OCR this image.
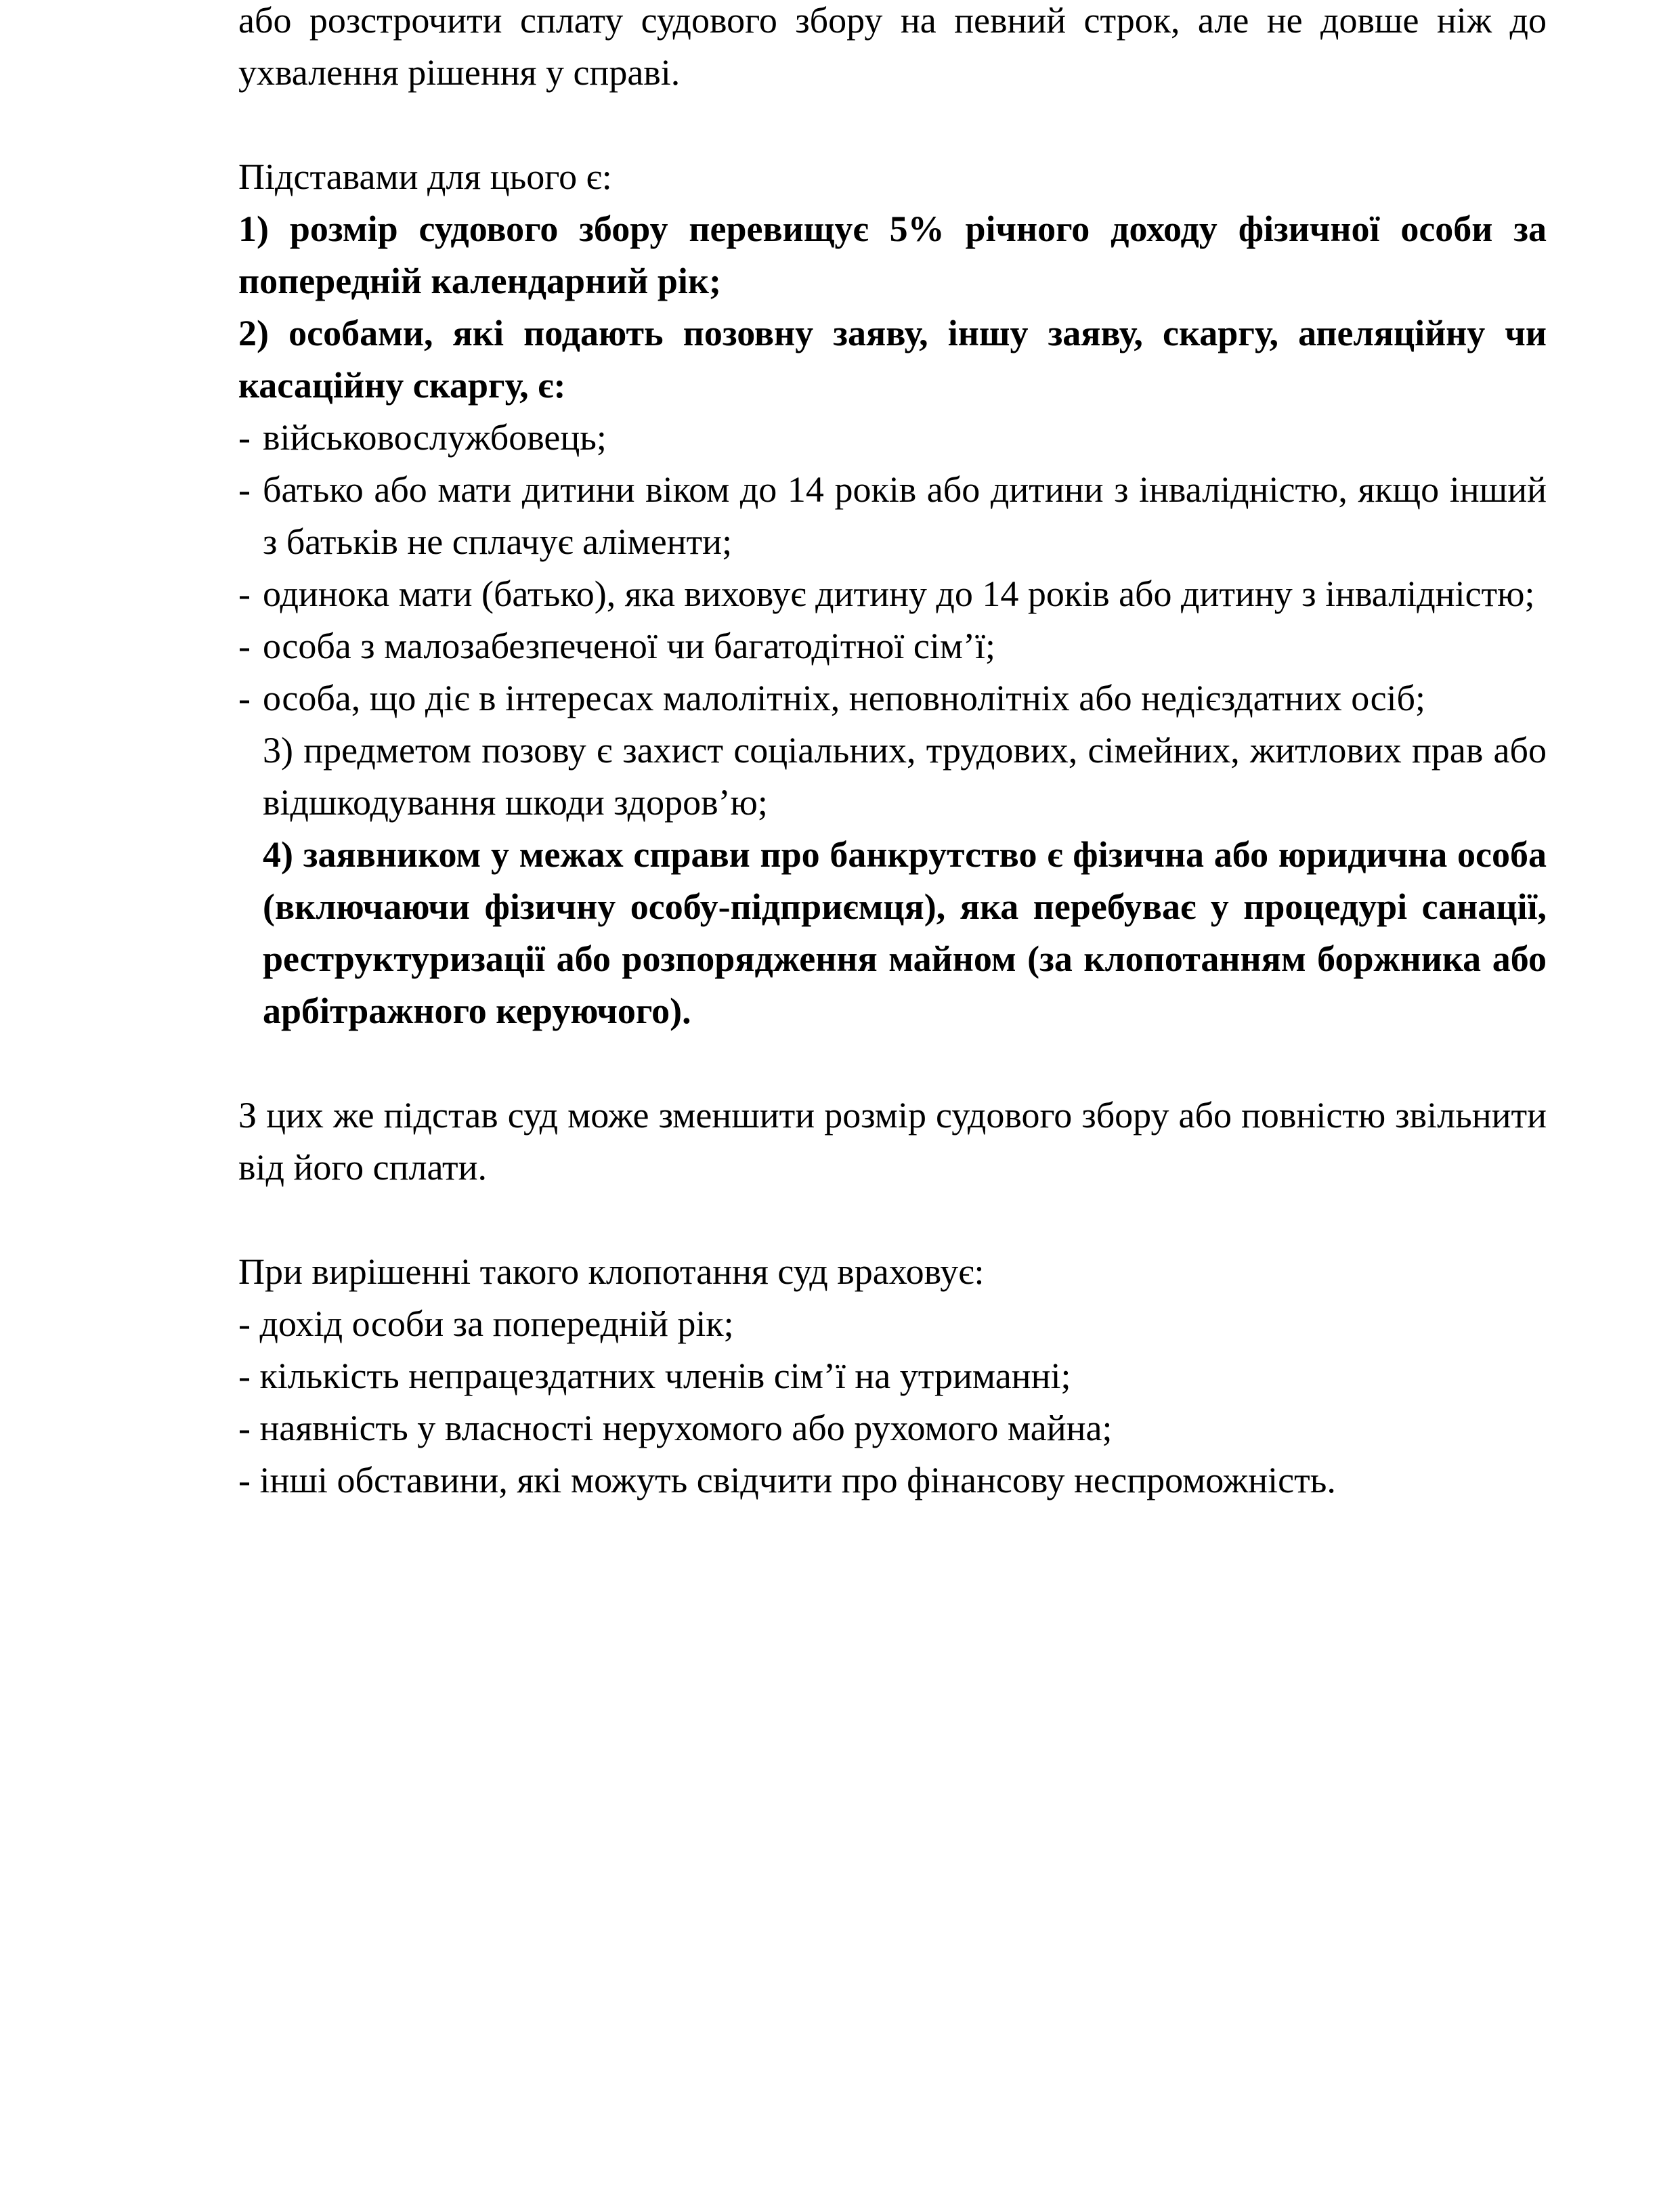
або розстрочити сплату судового збору на певний строк, але не довше ніж до ухвалення рішення у справі.

Підставами для цього є:

1) розмір судового збору перевищує 5% річного доходу фізичної особи за попередній календарний рік;

2) особами, які подають позовну заяву, іншу заяву, скаргу, апеляційну чи касаційну скаргу, є:

- військовослужбовець;

- батько або мати дитини віком до 14 років або дитини з інвалідністю, якщо інший з батьків не сплачує аліменти;

- одинока мати (батько), яка виховує дитину до 14 років або дитину з інвалідністю;

- особа з малозабезпеченої чи багатодітної сім’ї;

- особа, що діє в інтересах малолітніх, неповнолітніх або недієздатних осіб;

3) предметом позову є захист соціальних, трудових, сімейних, житлових прав або відшкодування шкоди здоров’ю;

4) заявником у межах справи про банкрутство є фізична або юридична особа (включаючи фізичну особу-підприємця), яка перебуває у процедурі санації, реструктуризації або розпорядження майном (за клопотанням боржника або арбітражного керуючого).

З цих же підстав суд може зменшити розмір судового збору або повністю звільнити від його сплати.

При вирішенні такого клопотання суд враховує:

- дохід особи за попередній рік;

- кількість непрацездатних членів сім’ї на утриманні;

- наявність у власності нерухомого або рухомого майна;

- інші обставини, які можуть свідчити про фінансову неспроможність.
